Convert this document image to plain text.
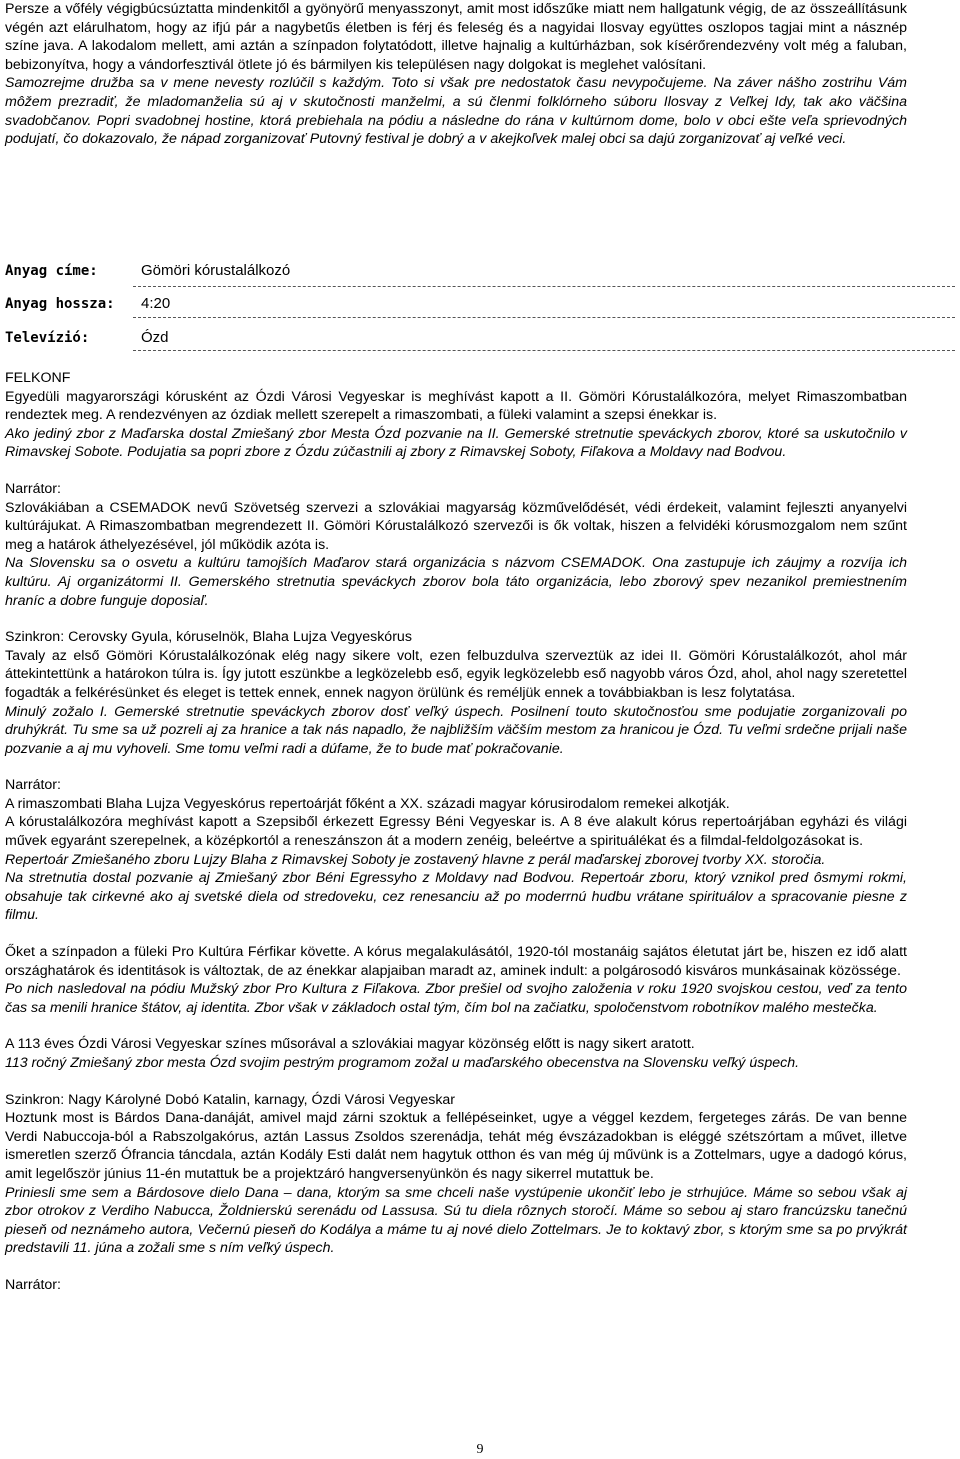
Persze a vőfély végigbúcsúztatta mindenkitől a gyönyörű menyasszonyt, amit most időszűke miatt nem hallgatunk végig, de az összeállításunk végén azt elárulhatom, hogy az ifjú pár a nagybetűs életben is férj és feleség és a nagyidai Ilosvay együttes oszlopos tagjai mint a násznép színe java. A lakodalom mellett, ami aztán a színpadon folytatódott, illetve hajnalig a kultúrházban, sok kísérőrendezvény volt még a faluban, bebizonyítva, hogy a vándorfesztivál ötlete jó és bármilyen kis településen nagy dolgokat is meglehet valósítani.

Samozrejme družba sa v mene nevesty rozlúčil s každým. Toto si však pre nedostatok času nevypočujeme. Na záver nášho zostrihu Vám môžem prezradiť, že mladomanželia sú aj v skutočnosti manželmi, a sú členmi folklórneho súboru Ilosvay z Veľkej Idy, tak ako väčšina svadobčanov. Popri svadobnej hostine, ktorá prebiehala na pódiu a následne do rána v kultúrnom dome, bolo v obci ešte veľa sprievodných podujatí, čo dokazovalo, že nápad zorganizovať Putovný festival je dobrý a v akejkoľvek malej obci sa dajú zorganizovať aj veľké veci.

Anyag címe:	Gömöri kórustalálkozó
Anyag hossza: 4:20
Televízió:	Ózd

FELKONF
Egyedüli magyarországi kórusként az Ózdi Városi Vegyeskar is meghívást kapott a II. Gömöri Kórustalálkozóra, melyet Rimaszombatban rendeztek meg. A rendezvényen az ózdiak mellett szerepelt a rimaszombati, a füleki valamint a szepsi énekkar is.

Ako jediný zbor z Maďarska dostal Zmiešaný zbor Mesta Ózd pozvanie na II. Gemerské stretnutie speváckych zborov, ktoré sa uskutočnilo v Rimavskej Sobote. Podujatia sa popri zbore z Ózdu zúčastnili aj zbory z Rimavskej Soboty, Fiľakova a Moldavy nad Bodvou.

Narrátor:

Szlovákiában a CSEMADOK nevű Szövetség szervezi a szlovákiai magyarság közművelődését, védi érdekeit, valamint fejleszti anyanyelvi kultúrájukat. A Rimaszombatban megrendezett II. Gömöri Kórustalálkozó szervezői is ők voltak, hiszen a felvidéki kórusmozgalom nem szűnt meg a határok áthelyezésével, jól működik azóta is.

Na Slovensku sa o osvetu a kultúru tamojších Maďarov stará organizácia s názvom CSEMADOK. Ona zastupuje ich záujmy a rozvíja ich kultúru. Aj organizátormi II. Gemerského stretnutia speváckych zborov bola táto organizácia, lebo zborový spev nezanikol premiestnením hraníc a dobre funguje doposiaľ.

Szinkron: Cerovsky Gyula, kóruselnök, Blaha Lujza Vegyeskórus

Tavaly az első Gömöri Kórustalálkozónak elég nagy sikere volt, ezen felbuzdulva szerveztük az idei II. Gömöri Kórustalálkozót, ahol már áttekintettünk a határokon túlra is. Így jutott eszünkbe a legközelebb eső, egyik legközelebb eső nagyobb város Ózd, ahol, ahol nagy szeretettel fogadták a felkérésünket és eleget is tettek ennek, ennek nagyon örülünk és reméljük ennek a továbbiakban is lesz folytatása.

Minulý zožalo I. Gemerské stretnutie speváckych zborov dosť veľký úspech. Posilnení touto skutočnosťou sme podujatie zorganizovali po druhýkrát. Tu sme sa už pozreli aj za hranice a tak nás napadlo, že najbližším väčším mestom za hranicou je Ózd. Tu veľmi srdečne prijali naše pozvanie a aj mu vyhoveli. Sme tomu veľmi radi a dúfame, že to bude mať pokračovanie.

Narrátor:

A rimaszombati Blaha Lujza Vegyeskórus repertoárját főként a XX. századi magyar kórusirodalom remekei alkotják.
A kórustalálkozóra meghívást kapott a Szepsiből érkezett Egressy Béni Vegyeskar is. A 8 éve alakult kórus repertoárjában egyházi és világi művek egyaránt szerepelnek, a középkortól a reneszánszon át a modern zenéig, beleértve a spirituálékat és a filmdal-feldolgozásokat is.

Repertoár Zmiešaného zboru Lujzy Blaha z Rimavskej Soboty je zostavený hlavne z perál maďarskej zborovej tvorby XX. storočia.
Na stretnutia dostal pozvanie aj Zmiešaný zbor Béni Egressyho z Moldavy nad Bodvou. Repertoár zboru, ktorý vznikol pred ôsmymi rokmi, obsahuje tak cirkevné ako aj svetské diela od stredoveku, cez renesanciu až po moderrnú hudbu vrátane spirituálov a spracovanie piesne z filmu.

Őket a színpadon a füleki Pro Kultúra Férfikar követte. A kórus megalakulásától, 1920-tól mostanáig sajátos életutat járt be, hiszen ez idő alatt országhatárok és identitások is változtak, de az énekkar alapjaiban maradt az, aminek indult: a polgárosodó kisváros munkásainak közössége.

Po nich nasledoval na pódiu Mužský zbor Pro Kultura z Fiľakova. Zbor prešiel od svojho založenia v roku 1920 svojskou cestou, veď za tento čas sa menili hranice štátov, aj identita. Zbor však v základoch ostal tým, čím bol na začiatku, spoločenstvom robotníkov malého mestečka.

A 113 éves Ózdi Városi Vegyeskar színes műsorával a szlovákiai magyar közönség előtt is nagy sikert aratott.

113 ročný Zmiešaný zbor mesta Ózd svojim pestrým programom zožal u maďarského obecenstva na Slovensku veľký úspech.

Szinkron: Nagy Károlyné Dobó Katalin, karnagy, Ózdi Városi Vegyeskar

Hoztunk most is Bárdos Dana-danáját, amivel majd zárni szoktuk a fellépéseinket, ugye a véggel kezdem, fergeteges zárás. De van benne Verdi Nabuccoja-ból a Rabszolgakórus, aztán Lassus Zsoldos szerenádja, tehát még évszázadokban is eléggé szétszórtam a művet, illetve ismeretlen szerző Ófrancia táncdala, aztán Kodály Esti dalát nem hagytuk otthon és van még új művünk is a Zottelmars, ugye a dadogó kórus, amit legelőször június 11-én mutattuk be a projektzáró hangversenyünkön és nagy sikerrel mutattuk be.

Priniesli sme sem a Bárdosove dielo Dana – dana, ktorým sa sme chceli naše vystúpenie ukončiť lebo je strhujúce. Máme so sebou však aj zbor otrokov z Verdiho Nabucca, Žoldnierskú serenádu od Lassusa. Sú tu diela rôznych storočí. Máme so sebou aj staro francúzsku tanečnú pieseň od neznámeho autora, Večernú pieseň do Kodálya a máme tu aj nové dielo Zottelmars. Je to koktavý zbor, s ktorým sme sa po prvýkrát predstavili 11. júna a zožali sme s ním veľký úspech.

Narrátor:

9
